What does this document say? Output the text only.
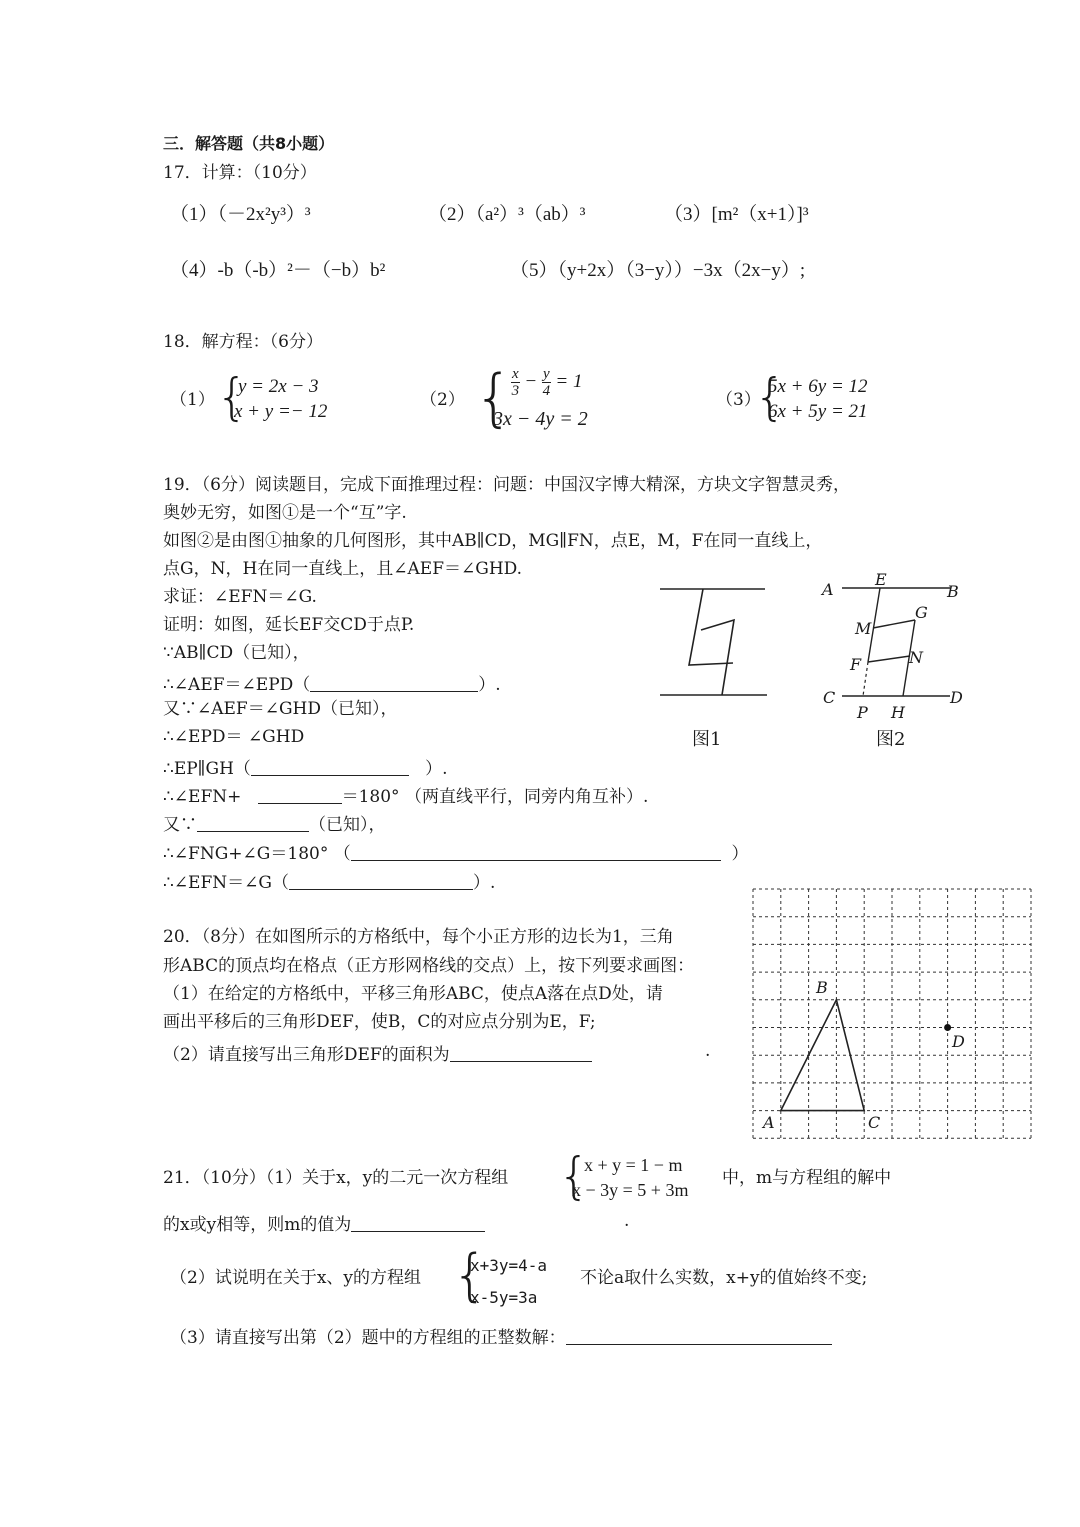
三．解答题（共8小题）
17．计算：（10分）
（1）（－2x²y³）³	（2）（a²）³（ab）³	（3）[m²（x+1）]³
（4）-b（-b）²－（−b）b²	（5）（y+2x）（3−y））−3x（2x−y）;
18．解方程：（6分）
（1） {
y = 2x − 3
x + y =− 12
（2） {
$\frac{x}{3} - \frac{y}{4} = 1$
3x − 4y = 2
（3）
{
5x + 6y = 12
6x + 5y = 21
19．（6分）阅读题目，完成下面推理过程：问题：中国汉字博大精深，方块文字智慧灵秀，
奥妙无穷，如图①是一个“互”字.
如图②是由图①抽象的几何图形，其中AB∥CD，MG∥FN，点E，M，F在同一直线上，
点G，N，H在同一直线上，且∠AEF＝∠GHD.
求证：∠EFN＝∠G.
证明：如图，延长EF交CD于点P.
∵AB∥CD（已知），
∴∠AEF＝∠EPD（	）.
又∵∠AEF＝∠GHD（已知），
∴∠EPD＝ ∠GHD
∴EP∥GH（	）.
∴∠EFN+	＝180° （两直线平行，同旁内角互补）.
又∵	（已知），
∴∠FNG+∠G＝180° （	）
∴∠EFN＝∠G（	）.
图1
A
E
B
G
M
F	N
C
P H
D
图2
20．（8分）在如图所示的方格纸中，每个小正方形的边长为1，三角
形ABC的顶点均在格点（正方形网格线的交点）上，按下列要求画图：
（1）在给定的方格纸中，平移三角形ABC，使点A落在点D处，请
画出平移后的三角形DEF，使B，C的对应点分别为E，F;
（2）请直接写出三角形DEF的面积为	.
A
B
C
D
21．（10分）（1）关于x，y的二元一次方程组 {
x + y = 1 − m
x − 3y = 5 + 3m
中，m与方程组的解中
的x或y相等，则m的值为	.
（2）试说明在关于x、y的方程组 {
x+3y=4-a
x-5y=3a
不论a取什么实数，x+y的值始终不变;
（3）请直接写出第（2）题中的方程组的正整数解：
